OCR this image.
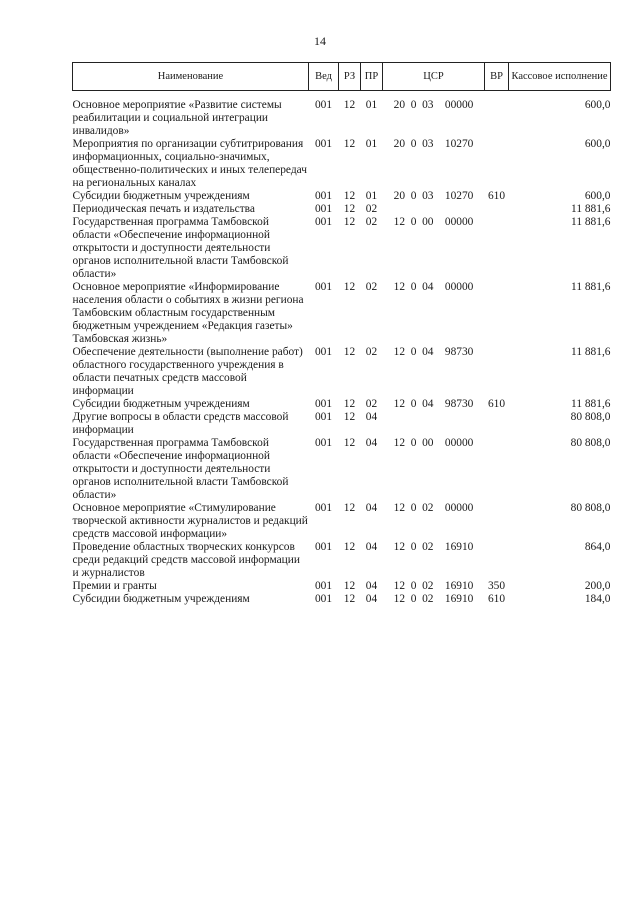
14
Наименование	Вед	РЗ	ПР	ЦСР	ВР	Кассовое исполнение
Основное мероприятие «Развитие системы реабилитации и социальной интеграции инвалидов»	001	12	01	20  0  03    00000		600,0
Мероприятия по организации субтитрирования информационных, социально-значимых, общественно-политических и иных телепередач на региональных каналах	001	12	01	20  0  03    10270		600,0
Субсидии бюджетным учреждениям	001	12	01	20  0  03    10270	610	600,0
Периодическая печать и издательства	001	12	02			11 881,6
Государственная программа Тамбовской области «Обеспечение информационной открытости и доступности деятельности органов исполнительной власти Тамбовской области»	001	12	02	12  0  00    00000		11 881,6
Основное мероприятие «Информирование населения области о событиях в жизни региона Тамбовским областным государственным бюджетным учреждением «Редакция газеты» Тамбовская жизнь»	001	12	02	12  0  04    00000		11 881,6
Обеспечение деятельности (выполнение работ) областного государственного учреждения в области печатных средств массовой информации	001	12	02	12  0  04    98730		11 881,6
Субсидии бюджетным учреждениям	001	12	02	12  0  04    98730	610	11 881,6
Другие вопросы в области средств массовой информации	001	12	04			80 808,0
Государственная программа Тамбовской области «Обеспечение информационной открытости и доступности деятельности органов исполнительной власти Тамбовской области»	001	12	04	12  0  00    00000		80 808,0
Основное мероприятие «Стимулирование творческой активности журналистов и редакций средств массовой информации»	001	12	04	12  0  02    00000		80 808,0
Проведение областных творческих конкурсов среди редакций средств массовой информации и журналистов	001	12	04	12  0  02    16910		864,0
Премии и гранты	001	12	04	12  0  02    16910	350	200,0
Субсидии бюджетным учреждениям	001	12	04	12  0  02    16910	610	184,0
